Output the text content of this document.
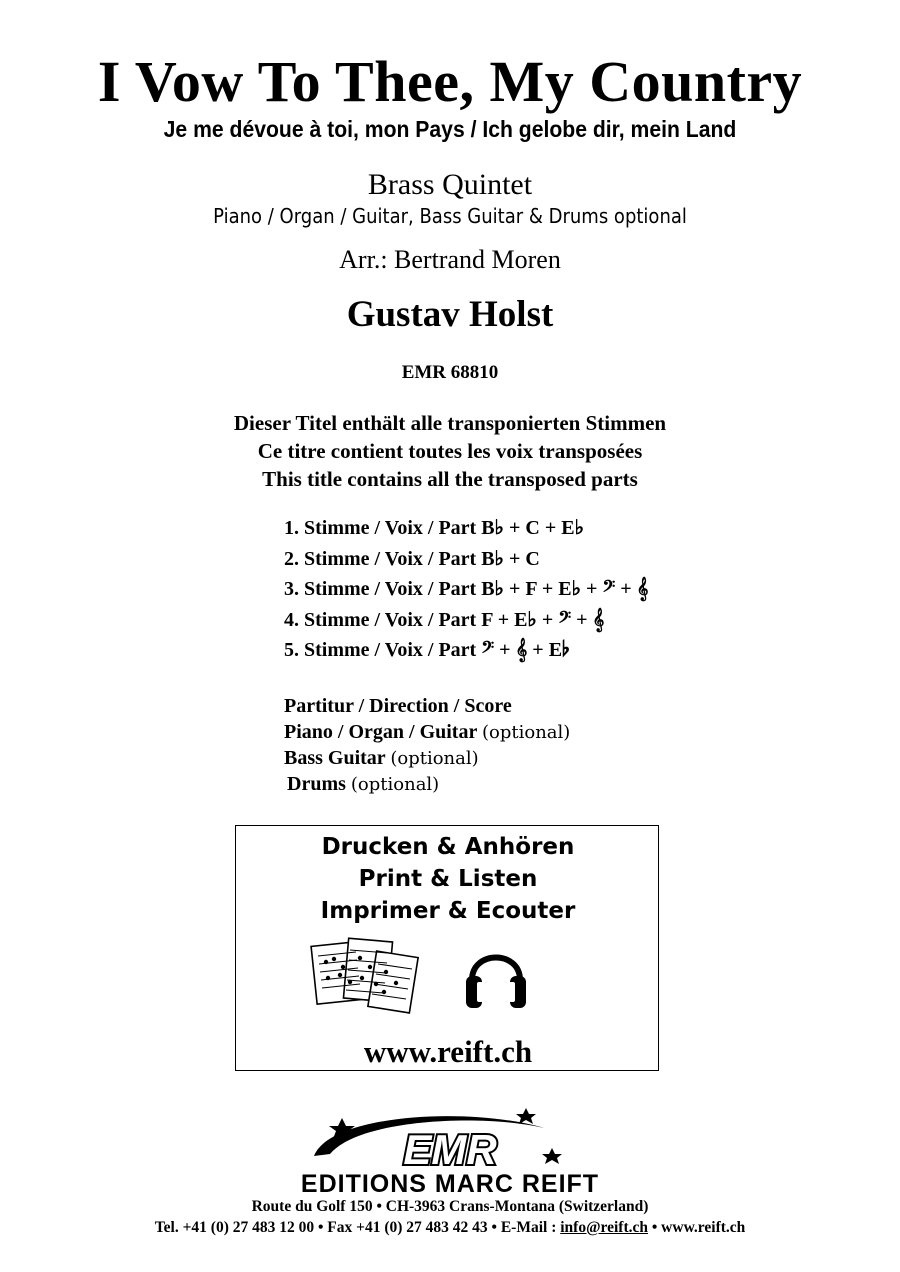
I Vow To Thee, My Country
Je me dévoue à toi, mon Pays / Ich gelobe dir, mein Land
Brass Quintet
Piano / Organ / Guitar, Bass Guitar & Drums optional
Arr.: Bertrand Moren
Gustav Holst
EMR 68810
Dieser Titel enthält alle transponierten Stimmen
Ce titre contient toutes les voix transposées
This title contains all the transposed parts
1. Stimme / Voix / Part B♭ + C + E♭
2. Stimme / Voix / Part B♭ + C
3. Stimme / Voix / Part B♭ + F + E♭ + 𝄢 + 𝄞
4. Stimme / Voix / Part F + E♭ + 𝄢 + 𝄞
5. Stimme / Voix / Part 𝄢 + 𝄞 + E♭
Partitur / Direction / Score
Piano / Organ / Guitar (optional)
Bass Guitar (optional)
Drums (optional)
Drucken & Anhören
Print & Listen
Imprimer & Ecouter
www.reift.ch
EMR
EDITIONS MARC REIFT
Route du Golf 150 • CH-3963 Crans-Montana (Switzerland)
Tel. +41 (0) 27 483 12 00 • Fax +41 (0) 27 483 42 43 • E-Mail : info@reift.ch • www.reift.ch
